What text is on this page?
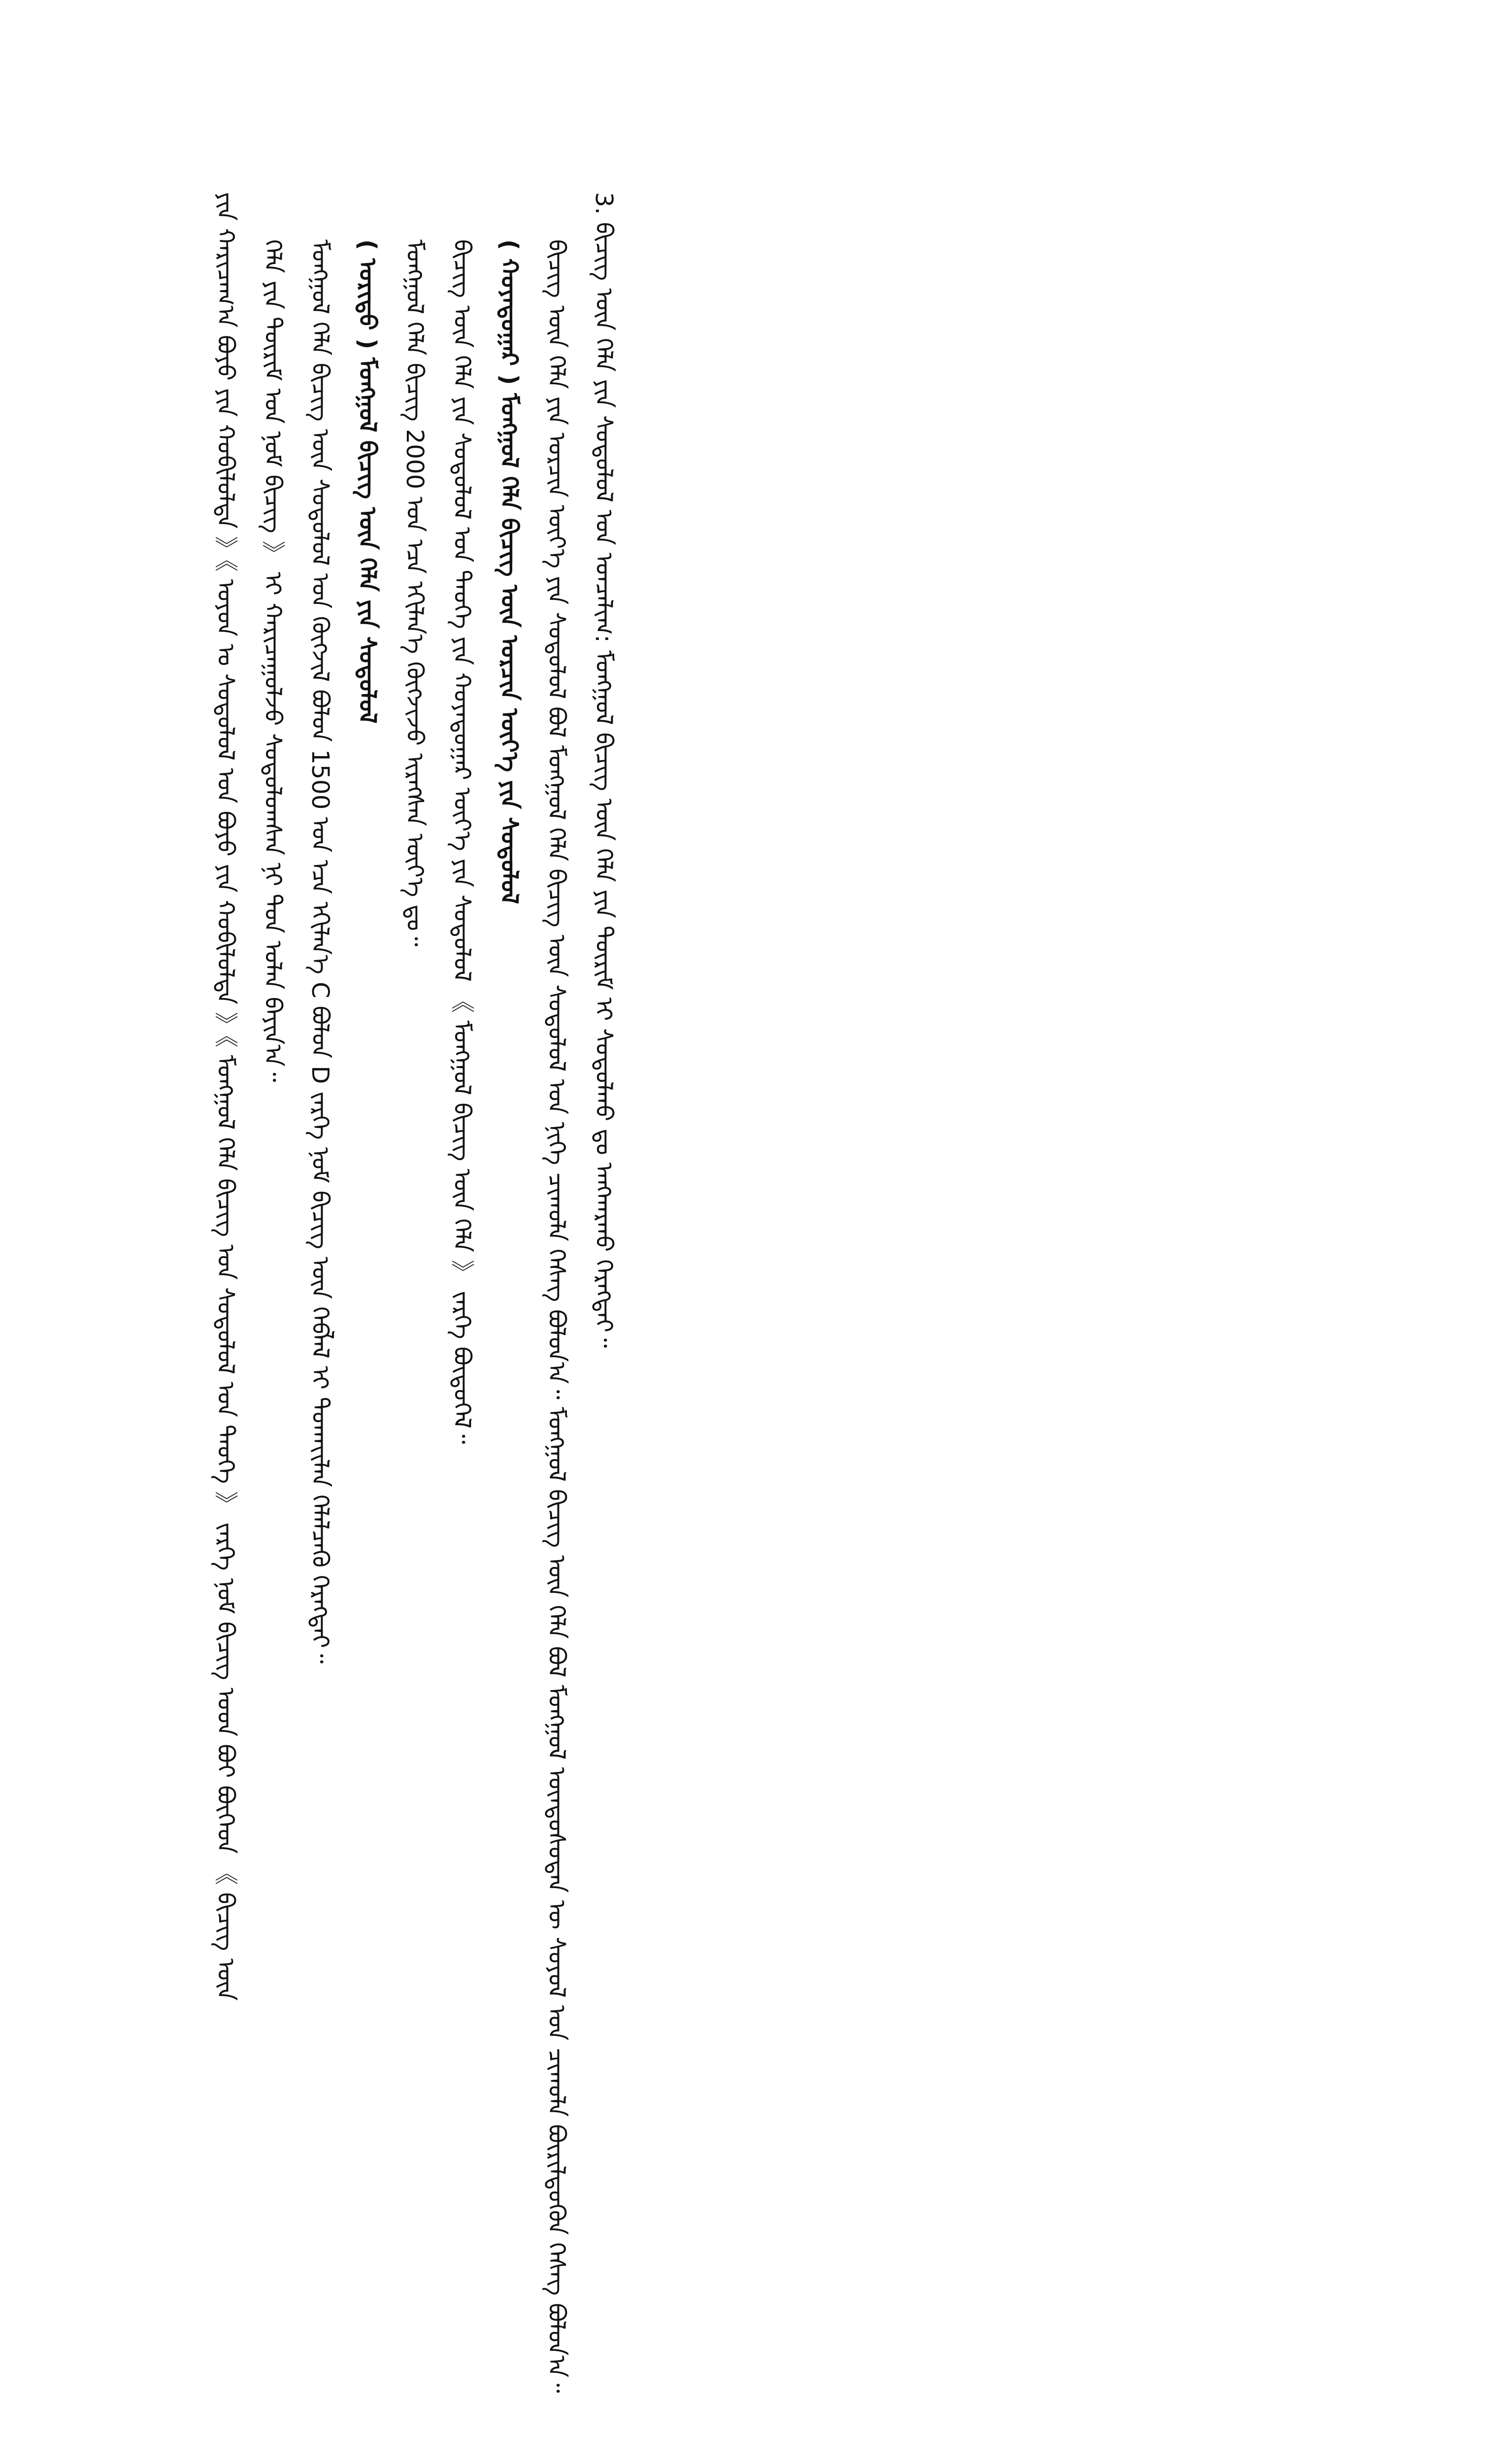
ᠶᠢᠨ ᠬᠠᠷᠢᠴᠠᠭ᠎ᠠ ᠪᠤᠶᠤ ᠶᠢᠨ ᠬᠤᠪᠢᠯᠤᠯᠲᠠ 》《 ᠣᠶᠤᠨ ᠤ ᠰᠤᠳᠤᠯᠤᠯ ᠤᠨ ᠪᠤᠶᠤ ᠶᠢᠨ ᠬᠤᠪᠢᠯᠤᠯᠲᠠ 》《 ᠮᠣᠩᠭᠣᠯ ᠬᠡᠯᠡ ᠪᠢᠴᠢᠭ ᠤᠨ ᠰᠤᠳᠤᠯᠤᠯ ᠤᠨ ᠲᠡᠦᠬᠡ 》 ᠵᠡᠷᠭᠡ ᠨᠣᠮ ᠪᠢᠴᠢᠭ ᠤᠳ ᠪᠤᠢ ᠪᠥᠭᠡᠳ 《 ᠪᠢᠴᠢᠭ ᠦᠨ ᠬᠡᠯᠡ ᠶᠢᠨ ᠳᠦᠷᠢᠮ ᠤᠨ ᠨᠣᠮ ᠪᠢᠴᠢᠭ 》 ᠢ ᠬᠠᠷᠢᠴᠠᠭᠤᠯᠵᠤ ᠰᠤᠳᠤᠯᠤᠭᠰᠠᠨ ᠨᠢ ᠳᠤᠨ ᠤᠯᠠᠨ ᠪᠠᠶᠢᠨ᠎ᠠ᠃ ᠮᠣᠩᠭᠣᠯ ᠬᠡᠯᠡ ᠪᠢᠴᠢᠭ ᠦᠨ ᠰᠤᠳᠤᠯᠤᠯ ᠤᠨ ᠬᠥᠭᠵᠢᠯ ᠪᠣᠯᠤᠨ 1500 ᠣᠨ ᠡᠴᠡ ᠡᠬᠢᠯᠡᠨ᠎ᠡ C ᠪᠣᠯᠤᠨ D ᠵᠡᠷᠭᠡ ᠨᠣᠮ ᠪᠢᠴᠢᠭ ᠦᠨ ᠬᠡᠪᠯᠡᠯ ᠢ ᠲᠤᠬᠠᠶ᠋ᠢᠯᠠᠨ ᠬᠡᠯᠡᠯᠴᠡᠬᠦ ᠬᠡᠷᠡᠭᠲᠡᠢ᠃ ( ᠤᠷᠢᠳᠤ ) ᠮᠣᠩᠭᠣᠯ ᠪᠢᠴᠢᠭ ᠦᠨ ᠬᠡᠯᠡ ᠶᠢᠨ ᠰᠤᠳᠤᠯᠤᠯ ᠮᠣᠩᠭᠣᠯ ᠬᠡᠯᠡ ᠪᠢᠴᠢᠭ 2000 ᠣᠨ ᠡᠴᠡ ᠡᠬᠢᠯᠡᠨ᠎ᠡ ᠬᠥᠭᠵᠢᠵᠦ ᠢᠷᠡᠭᠰᠡᠨ ᠦᠶ᠎ᠡ ᠳᠤ᠃ ᠪᠢᠴᠢᠭ ᠦᠨ ᠬᠡᠯᠡ ᠶᠢᠨ ᠰᠤᠳᠤᠯᠤᠯ ᠤᠨ ᠲᠡᠦᠬᠡ ᠶᠢᠨ ᠬᠣᠶᠠᠳᠤᠭᠠᠷ ᠦᠶ᠎ᠡ ᠶᠢᠨ ᠰᠤᠳᠤᠯᠤᠯ 《 ᠮᠣᠩᠭᠣᠯ ᠪᠢᠴᠢᠭ ᠦᠨ ᠬᠡᠯᠡ 》 ᠵᠡᠷᠭᠡ ᠪᠦᠲᠦᠭᠡᠯ᠃ ( ᠬᠣᠶᠠᠳᠤᠭᠠᠷ ) ᠮᠣᠩᠭᠣᠯ ᠬᠡᠯᠡ ᠪᠢᠴᠢᠭ ᠦᠨ ᠣᠷᠴᠢᠨ ᠦᠶ᠎ᠡ ᠶᠢᠨ ᠰᠤᠳᠤᠯᠤᠯ ᠪᠢᠴᠢᠭ ᠦᠨ ᠬᠡᠯᠡ ᠶᠢᠨ ᠣᠷᠴᠢᠨ ᠦᠶ᠎ᠡ ᠶᠢᠨ ᠰᠤᠳᠤᠯᠤᠯ ᠪᠣᠯ ᠮᠣᠩᠭᠣᠯ ᠬᠡᠯᠡ ᠪᠢᠴᠢᠭ ᠦᠨ ᠰᠤᠳᠤᠯᠤᠯ ᠤᠨ ᠨᠢᠭᠡ ᠴᠢᠬᠤᠯᠠ ᠬᠡᠰᠡᠭ ᠪᠣᠯᠤᠨ᠎ᠠ᠃ ᠮᠣᠩᠭᠣᠯ ᠪᠢᠴᠢᠭ ᠦᠨ ᠬᠡᠯᠡ ᠪᠣᠯ ᠮᠣᠩᠭᠣᠯ ᠦᠨᠳᠦᠰᠦᠲᠡᠨ ᠦ ᠰᠣᠶᠣᠯ ᠤᠨ ᠴᠢᠬᠤᠯᠠ ᠪᠦᠷᠢᠯᠳᠦᠭᠦᠨ ᠬᠡᠰᠡᠭ ᠪᠣᠯᠤᠨ᠎ᠠ᠃ 3. ᠪᠢᠴᠢᠭ ᠦᠨ ᠬᠡᠯᠡ ᠶᠢᠨ ᠰᠤᠳᠤᠯᠤᠯ ᠤᠨ ᠣᠨᠴᠠᠯᠢᠭ: ᠮᠣᠩᠭᠣᠯ ᠪᠢᠴᠢᠭ ᠦᠨ ᠬᠡᠯᠡ ᠶᠢᠨ ᠳᠦᠷᠢᠮ ᠢ ᠰᠤᠳᠤᠯᠬᠤ ᠳᠤ ᠠᠩᠬᠠᠷᠬᠤ ᠬᠡᠷᠡᠭᠲᠡᠢ᠃
